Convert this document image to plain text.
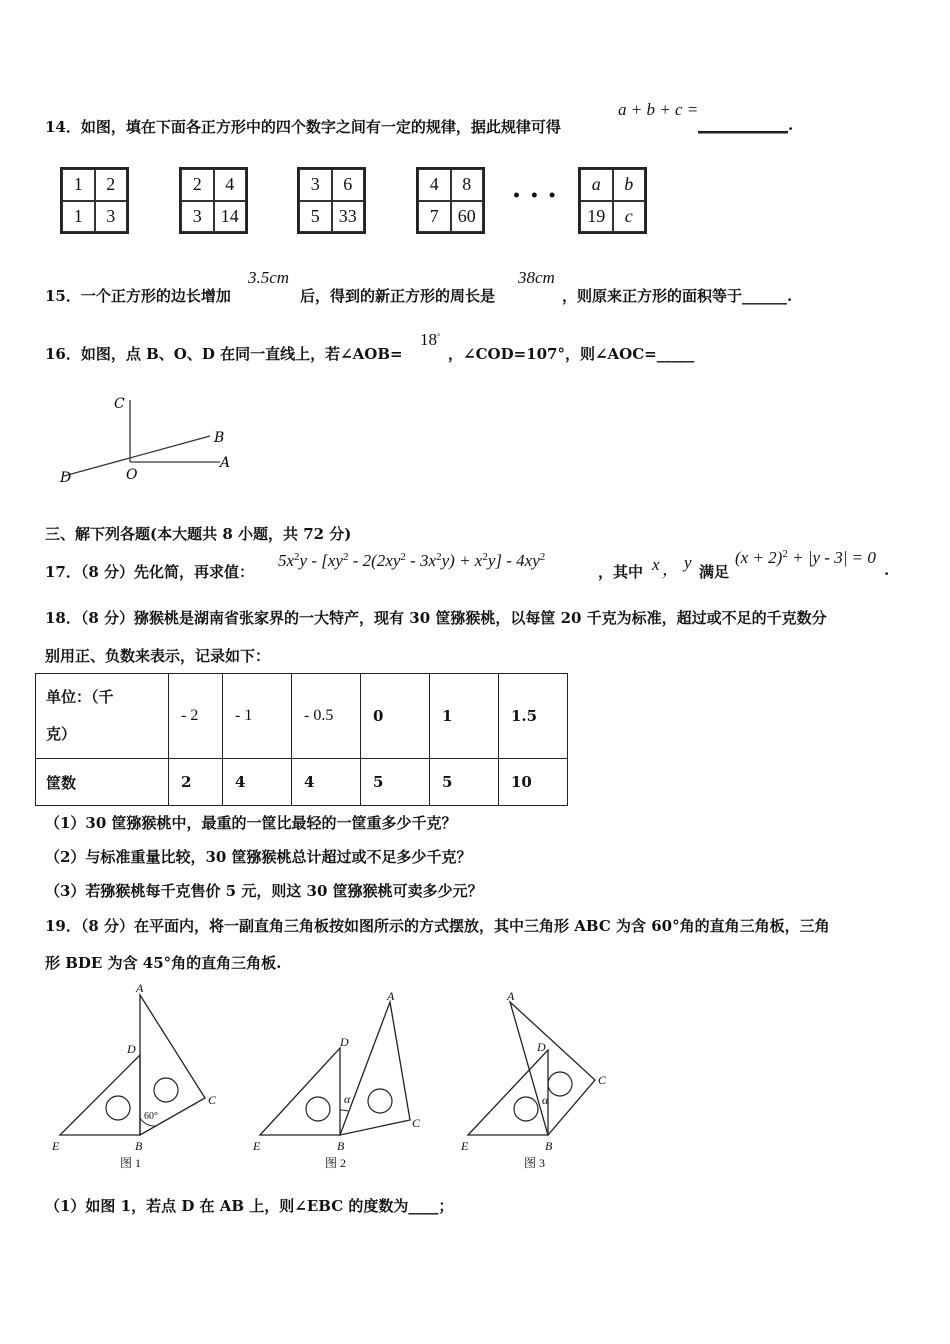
14．如图，填在下面各正方形中的四个数字之间有一定的规律，据此规律可得
a + b + c =
____________.
1	2
1	3
2	4
3	14
3	6
5	33
4	8
7	60
• • •
a	b
19	c
15．一个正方形的边长增加
3.5cm
后，得到的新正方形的周长是
38cm
，则原来正方形的面积等于______.
16．如图，点 B、O、D 在同一直线上，若∠AOB=
18°
，∠COD=107°，则∠AOC=_____
C
B
A
D	O
三、解下列各题(本大题共 8 小题，共 72 分)
17．（8 分）先化简，再求值：
$5x^2y - [xy^2 - 2(2xy^2 - 3x^2y) + x^2y] - 4xy^2$
，其中 x ， y 满足
$(x + 2)^2 + |y - 3| = 0$
.
18．（8 分）猕猴桃是湖南省张家界的一大特产，现有 30 筐猕猴桃，以每筐 20 千克为标准，超过或不足的千克数分
别用正、负数来表示，记录如下：
单位：（千
克）	- 2	- 1	- 0.5	0	1	1.5
筐数	2	4	4	5	5	10
（1）30 筐猕猴桃中，最重的一筐比最轻的一筐重多少千克？
（2）与标准重量比较，30 筐猕猴桃总计超过或不足多少千克？
（3）若猕猴桃每千克售价 5 元，则这 30 筐猕猴桃可卖多少元？
19．（8 分）在平面内，将一副直角三角板按如图所示的方式摆放，其中三角形 ABC 为含 60°角的直角三角板，三角
形 BDE 为含 45°角的直角三角板.
60°
A
D
C
B
E
图 1
α
A
D
C
B
E
图 2
α
A
D
C
B
E
图 3
（1）如图 1，若点 D 在 AB 上，则∠EBC 的度数为____；
